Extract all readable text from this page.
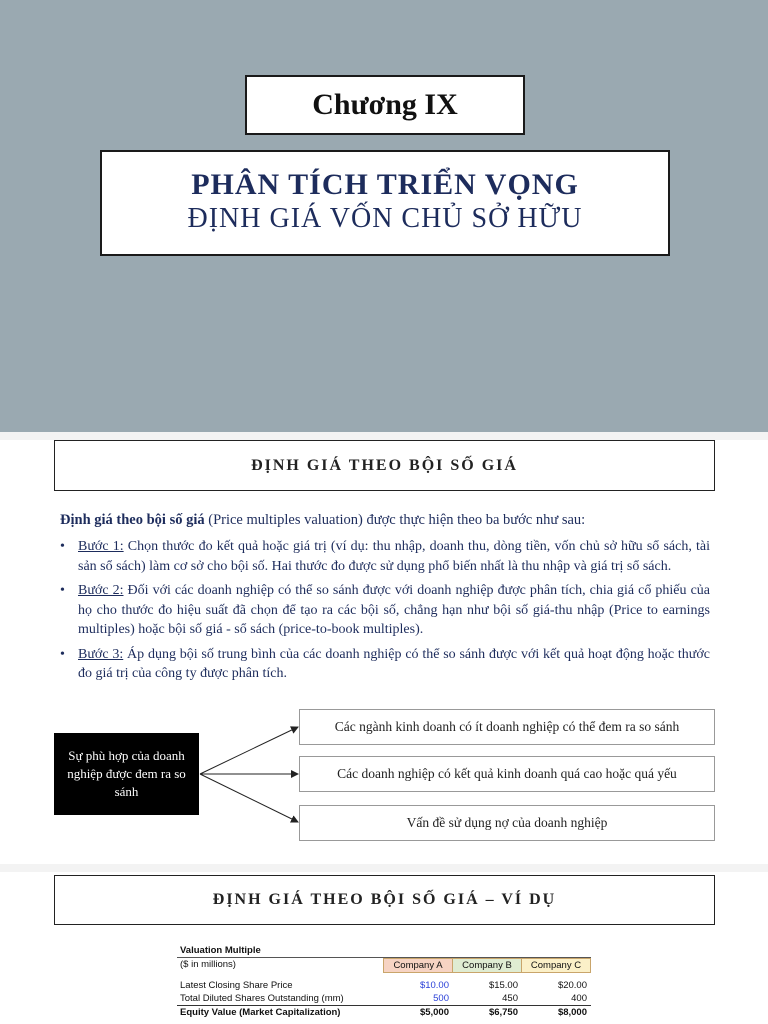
Chương IX
PHÂN TÍCH TRIỂN VỌNG
ĐỊNH GIÁ VỐN CHỦ SỞ HỮU
ĐỊNH GIÁ THEO BỘI SỐ GIÁ
Định giá theo bội số giá (Price multiples valuation) được thực hiện theo ba bước như sau:
• Bước 1: Chọn thước đo kết quả hoặc giá trị (ví dụ: thu nhập, doanh thu, dòng tiền, vốn chủ sở hữu sổ sách, tài sản sổ sách) làm cơ sở cho bội số. Hai thước đo được sử dụng phổ biến nhất là thu nhập và giá trị sổ sách.
• Bước 2: Đối với các doanh nghiệp có thể so sánh được với doanh nghiệp được phân tích, chia giá cổ phiếu của họ cho thước đo hiệu suất đã chọn để tạo ra các bội số, chẳng hạn như bội số giá-thu nhập (Price to earnings multiples) hoặc bội số giá - sổ sách (price-to-book multiples).
• Bước 3: Áp dụng bội số trung bình của các doanh nghiệp có thể so sánh được với kết quả hoạt động hoặc thước đo giá trị của công ty được phân tích.
Sự phù hợp của doanh nghiệp được đem ra so sánh
Các ngành kinh doanh có ít doanh nghiệp có thể đem ra so sánh
Các doanh nghiệp có kết quả kinh doanh quá cao hoặc quá yếu
Vấn đề sử dụng nợ của doanh nghiệp
ĐỊNH GIÁ THEO BỘI SỐ GIÁ – VÍ DỤ
Valuation Multiple
($ in millions)	Company A	Company B	Company C
Latest Closing Share Price	$10.00	$15.00	$20.00
Total Diluted Shares Outstanding (mm)	500	450	400
Equity Value (Market Capitalization)	$5,000	$6,750	$8,000
